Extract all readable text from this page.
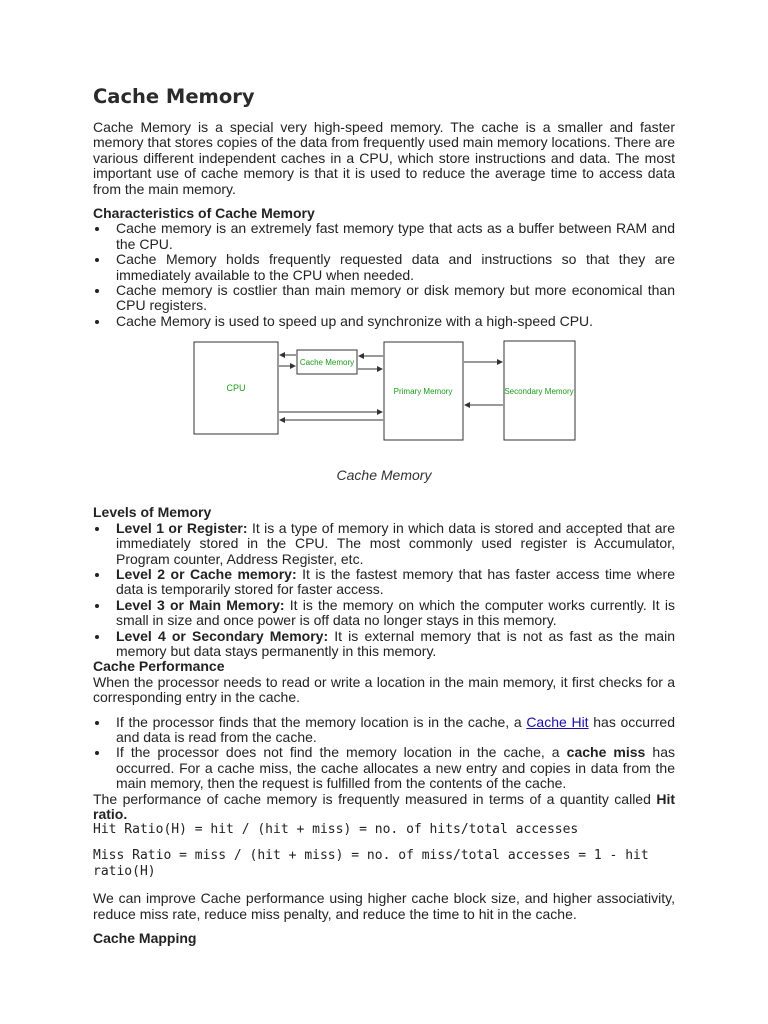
Cache Memory

Cache Memory is a special very high-speed memory. The cache is a smaller and faster memory that stores copies of the data from frequently used main memory locations. There are various different independent caches in a CPU, which store instructions and data. The most important use of cache memory is that it is used to reduce the average time to access data from the main memory.

Characteristics of Cache Memory
Cache memory is an extremely fast memory type that acts as a buffer between RAM and the CPU.
Cache Memory holds frequently requested data and instructions so that they are immediately available to the CPU when needed.
Cache memory is costlier than main memory or disk memory but more economical than CPU registers.
Cache Memory is used to speed up and synchronize with a high-speed CPU.
CPU
Cache Memory
Primary Memory	Secondary Memory
Cache Memory
Levels of Memory
Level 1 or Register: It is a type of memory in which data is stored and accepted that are immediately stored in the CPU. The most commonly used register is Accumulator, Program counter, Address Register, etc.
Level 2 or Cache memory: It is the fastest memory that has faster access time where data is temporarily stored for faster access.
Level 3 or Main Memory: It is the memory on which the computer works currently. It is small in size and once power is off data no longer stays in this memory.
Level 4 or Secondary Memory: It is external memory that is not as fast as the main memory but data stays permanently in this memory.
Cache Performance

When the processor needs to read or write a location in the main memory, it first checks for a corresponding entry in the cache.

If the processor finds that the memory location is in the cache, a Cache Hit has occurred and data is read from the cache.
If the processor does not find the memory location in the cache, a cache miss has occurred. For a cache miss, the cache allocates a new entry and copies in data from the main memory, then the request is fulfilled from the contents of the cache.

The performance of cache memory is frequently measured in terms of a quantity called Hit ratio.

Hit Ratio(H) = hit / (hit + miss) = no. of hits/total accesses

Miss Ratio = miss / (hit + miss) = no. of miss/total accesses = 1 - hit ratio(H)

We can improve Cache performance using higher cache block size, and higher associativity, reduce miss rate, reduce miss penalty, and reduce the time to hit in the cache.

Cache Mapping
